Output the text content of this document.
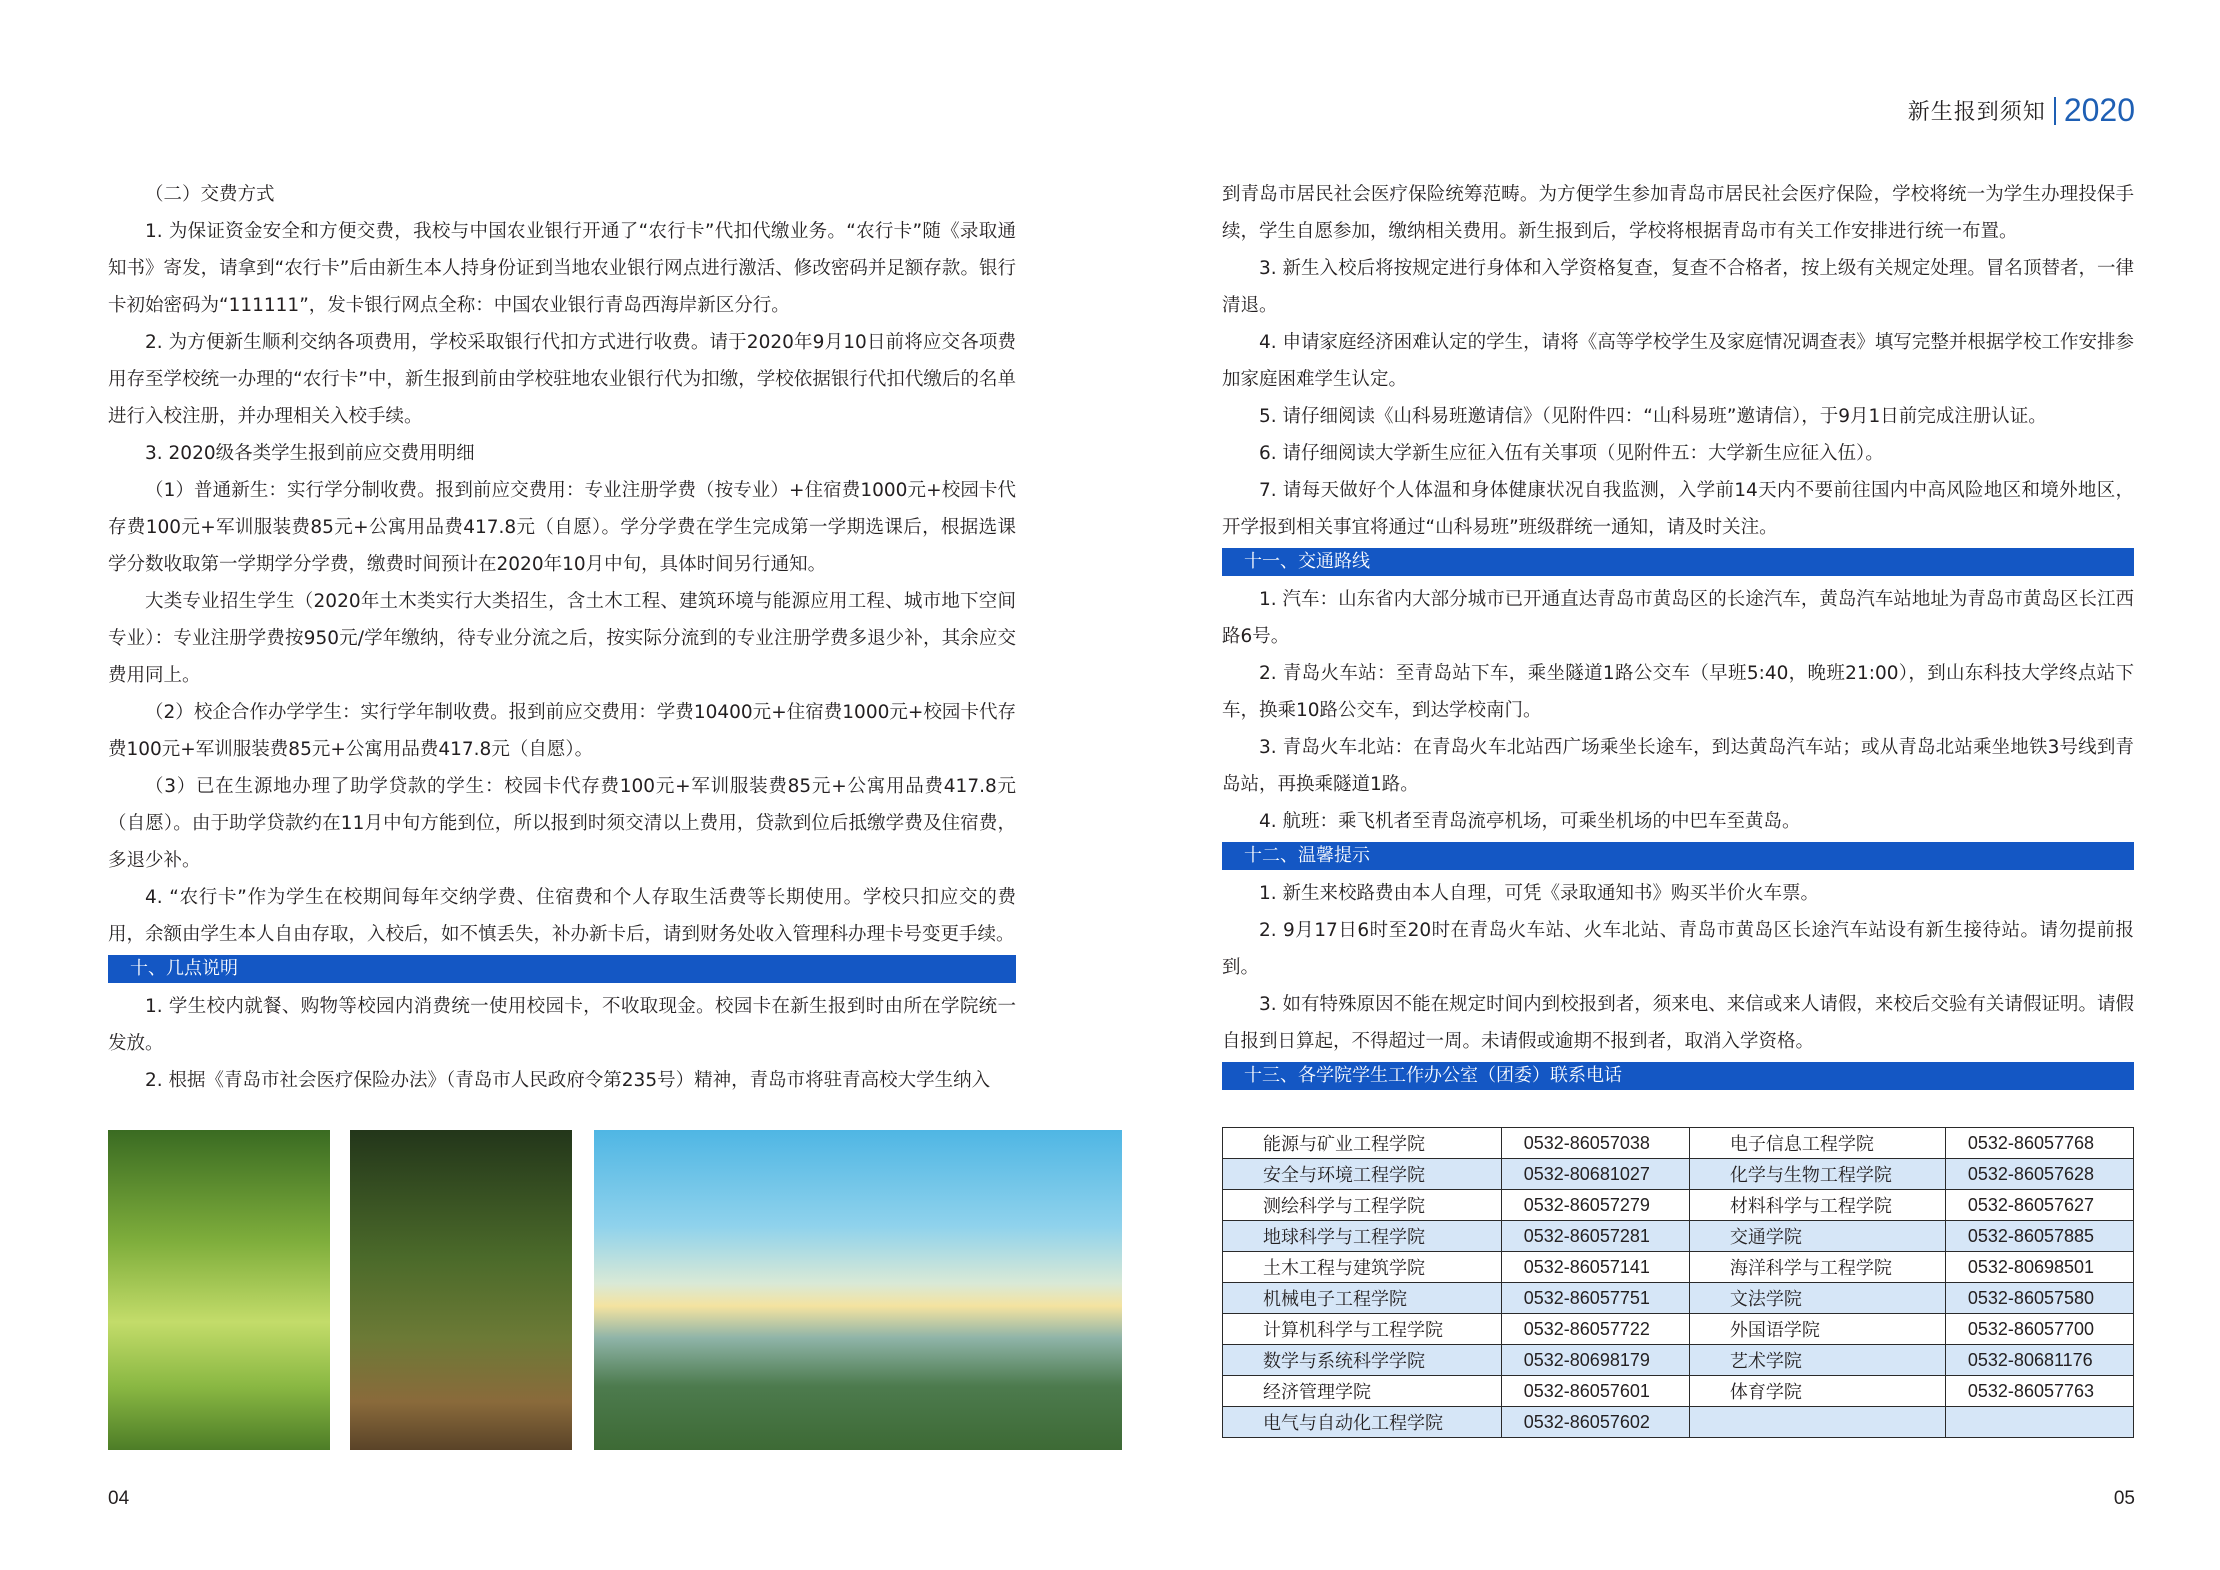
新生报到须知 2020

（二）交费方式

1. 为保证资金安全和方便交费，我校与中国农业银行开通了“农行卡”代扣代缴业务。“农行卡”随《录取通知书》寄发，请拿到“农行卡”后由新生本人持身份证到当地农业银行网点进行激活、修改密码并足额存款。银行卡初始密码为“111111”，发卡银行网点全称：中国农业银行青岛西海岸新区分行。

2. 为方便新生顺利交纳各项费用，学校采取银行代扣方式进行收费。请于2020年9月10日前将应交各项费用存至学校统一办理的“农行卡”中，新生报到前由学校驻地农业银行代为扣缴，学校依据银行代扣代缴后的名单进行入校注册，并办理相关入校手续。

3. 2020级各类学生报到前应交费用明细

（1）普通新生：实行学分制收费。报到前应交费用：专业注册学费（按专业）+住宿费1000元+校园卡代存费100元+军训服装费85元+公寓用品费417.8元（自愿）。学分学费在学生完成第一学期选课后，根据选课学分数收取第一学期学分学费，缴费时间预计在2020年10月中旬，具体时间另行通知。

大类专业招生学生（2020年土木类实行大类招生，含土木工程、建筑环境与能源应用工程、城市地下空间专业）：专业注册学费按950元/学年缴纳，待专业分流之后，按实际分流到的专业注册学费多退少补，其余应交费用同上。

（2）校企合作办学学生：实行学年制收费。报到前应交费用：学费10400元+住宿费1000元+校园卡代存费100元+军训服装费85元+公寓用品费417.8元（自愿）。

（3）已在生源地办理了助学贷款的学生：校园卡代存费100元+军训服装费85元+公寓用品费417.8元（自愿）。由于助学贷款约在11月中旬方能到位，所以报到时须交清以上费用，贷款到位后抵缴学费及住宿费，多退少补。

4. “农行卡”作为学生在校期间每年交纳学费、住宿费和个人存取生活费等长期使用。学校只扣应交的费用，余额由学生本人自由存取，入校后，如不慎丢失，补办新卡后，请到财务处收入管理科办理卡号变更手续。

十、几点说明

1. 学生校内就餐、购物等校园内消费统一使用校园卡，不收取现金。校园卡在新生报到时由所在学院统一发放。

2. 根据《青岛市社会医疗保险办法》（青岛市人民政府令第235号）精神，青岛市将驻青高校大学生纳入

到青岛市居民社会医疗保险统筹范畴。为方便学生参加青岛市居民社会医疗保险，学校将统一为学生办理投保手续，学生自愿参加，缴纳相关费用。新生报到后，学校将根据青岛市有关工作安排进行统一布置。

3. 新生入校后将按规定进行身体和入学资格复查，复查不合格者，按上级有关规定处理。冒名顶替者，一律清退。

4. 申请家庭经济困难认定的学生，请将《高等学校学生及家庭情况调查表》填写完整并根据学校工作安排参加家庭困难学生认定。

5. 请仔细阅读《山科易班邀请信》（见附件四：“山科易班”邀请信），于9月1日前完成注册认证。

6. 请仔细阅读大学新生应征入伍有关事项（见附件五：大学新生应征入伍）。

7. 请每天做好个人体温和身体健康状况自我监测，入学前14天内不要前往国内中高风险地区和境外地区，开学报到相关事宜将通过“山科易班”班级群统一通知，请及时关注。

十一、交通路线

1. 汽车：山东省内大部分城市已开通直达青岛市黄岛区的长途汽车，黄岛汽车站地址为青岛市黄岛区长江西路6号。

2. 青岛火车站：至青岛站下车，乘坐隧道1路公交车（早班5:40，晚班21:00），到山东科技大学终点站下车，换乘10路公交车，到达学校南门。

3. 青岛火车北站：在青岛火车北站西广场乘坐长途车，到达黄岛汽车站；或从青岛北站乘坐地铁3号线到青岛站，再换乘隧道1路。

4. 航班：乘飞机者至青岛流亭机场，可乘坐机场的中巴车至黄岛。

十二、温馨提示

1. 新生来校路费由本人自理，可凭《录取通知书》购买半价火车票。

2. 9月17日6时至20时在青岛火车站、火车北站、青岛市黄岛区长途汽车站设有新生接待站。请勿提前报到。

3. 如有特殊原因不能在规定时间内到校报到者，须来电、来信或来人请假，来校后交验有关请假证明。请假自报到日算起，不得超过一周。未请假或逾期不报到者，取消入学资格。

十三、各学院学生工作办公室（团委）联系电话
能源与矿业工程学院	0532-86057038	电子信息工程学院	0532-86057768
安全与环境工程学院	0532-80681027	化学与生物工程学院	0532-86057628
测绘科学与工程学院	0532-86057279	材料科学与工程学院	0532-86057627
地球科学与工程学院	0532-86057281	交通学院	0532-86057885
土木工程与建筑学院	0532-86057141	海洋科学与工程学院	0532-80698501
机械电子工程学院	0532-86057751	文法学院	0532-86057580
计算机科学与工程学院	0532-86057722	外国语学院	0532-86057700
数学与系统科学学院	0532-80698179	艺术学院	0532-80681176
经济管理学院	0532-86057601	体育学院	0532-86057763
电气与自动化工程学院	0532-86057602		
04	05
